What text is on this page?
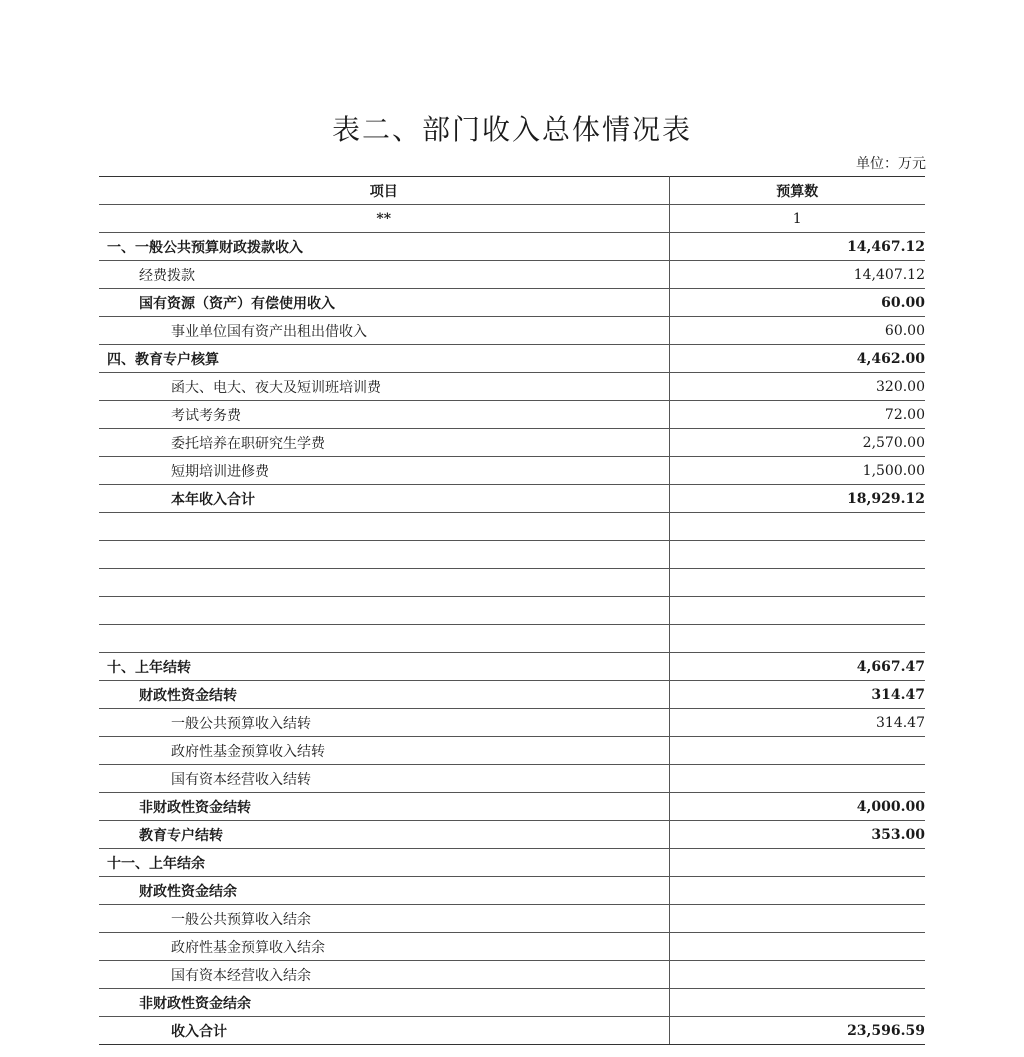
表二、部门收入总体情况表
单位：万元
项目	预算数
**	1
一、一般公共预算财政拨款收入	14,467.12
经费拨款	14,407.12
国有资源（资产）有偿使用收入	60.00
事业单位国有资产出租出借收入	60.00
四、教育专户核算	4,462.00
函大、电大、夜大及短训班培训费	320.00
考试考务费	72.00
委托培养在职研究生学费	2,570.00
短期培训进修费	1,500.00
本年收入合计	18,929.12

十、上年结转	4,667.47
财政性资金结转	314.47
一般公共预算收入结转	314.47
政府性基金预算收入结转	
国有资本经营收入结转	
非财政性资金结转	4,000.00
教育专户结转	353.00
十一、上年结余	
财政性资金结余	
一般公共预算收入结余	
政府性基金预算收入结余	
国有资本经营收入结余	
非财政性资金结余	
收入合计	23,596.59
